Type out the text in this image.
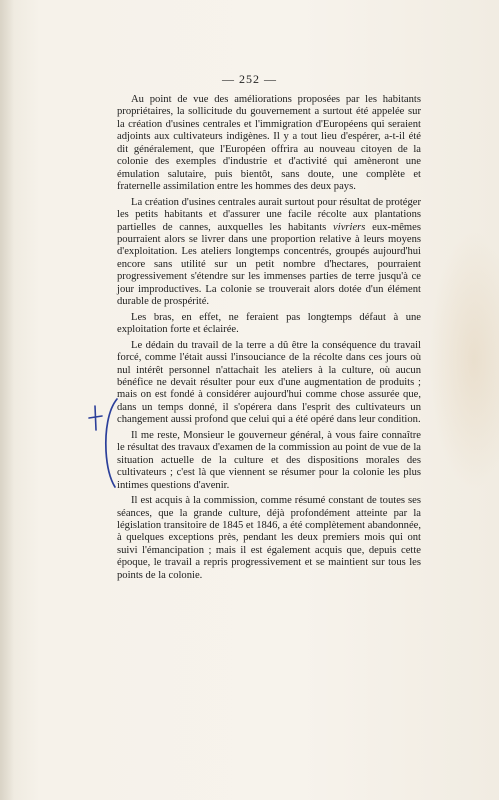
— 252 —

Au point de vue des améliorations proposées par les habitants propriétaires, la sollicitude du gouvernement a surtout été appelée sur la création d'usines centrales et l'immigration d'Européens qui seraient adjoints aux cultivateurs indigènes. Il y a tout lieu d'espérer, a-t-il été dit généralement, que l'Européen offrira au nouveau citoyen de la colonie des exemples d'industrie et d'activité qui amèneront une émulation salutaire, puis bientôt, sans doute, une complète et fraternelle assimilation entre les hommes des deux pays.

La création d'usines centrales aurait surtout pour résultat de protéger les petits habitants et d'assurer une facile récolte aux plantations partielles de cannes, auxquelles les habitants vivriers eux-mêmes pourraient alors se livrer dans une proportion relative à leurs moyens d'exploitation. Les ateliers longtemps concentrés, groupés aujourd'hui encore sans utilité sur un petit nombre d'hectares, pourraient progressivement s'étendre sur les immenses parties de terre jusqu'à ce jour improductives. La colonie se trouverait alors dotée d'un élément durable de prospérité.

Les bras, en effet, ne feraient pas longtemps défaut à une exploitation forte et éclairée.

Le dédain du travail de la terre a dû être la conséquence du travail forcé, comme l'était aussi l'insouciance de la récolte dans ces jours où nul intérêt personnel n'attachait les ateliers à la culture, où aucun bénéfice ne devait résulter pour eux d'une augmentation de produits ; mais on est fondé à considérer aujourd'hui comme chose assurée que, dans un temps donné, il s'opérera dans l'esprit des cultivateurs un changement aussi profond que celui qui a été opéré dans leur condition.

Il me reste, Monsieur le gouverneur général, à vous faire connaître le résultat des travaux d'examen de la commission au point de vue de la situation actuelle de la culture et des dispositions morales des cultivateurs ; c'est là que viennent se résumer pour la colonie les plus intimes questions d'avenir.

Il est acquis à la commission, comme résumé constant de toutes ses séances, que la grande culture, déjà profondément atteinte par la législation transitoire de 1845 et 1846, a été complètement abandonnée, à quelques exceptions près, pendant les deux premiers mois qui ont suivi l'émancipation ; mais il est également acquis que, depuis cette époque, le travail a repris progressivement et se maintient sur tous les points de la colonie.
